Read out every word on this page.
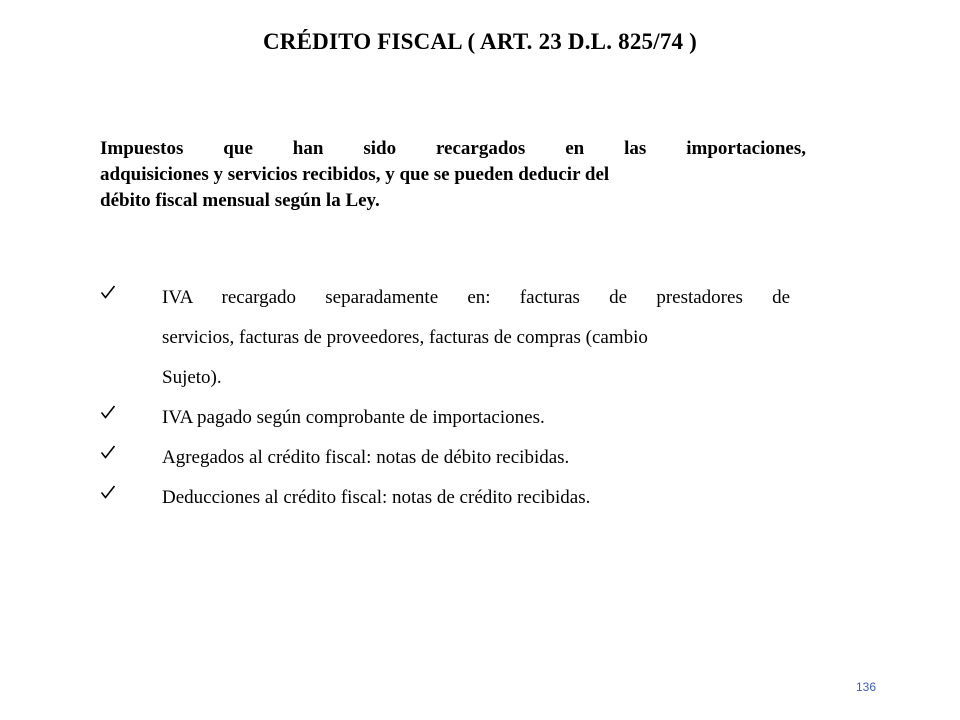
CRÉDITO FISCAL ( ART. 23 D.L. 825/74 )

Impuestos que han sido recargados en las importaciones,
adquisiciones y servicios recibidos, y que se pueden deducir del
débito fiscal mensual según la Ley.

IVA recargado separadamente en: facturas de prestadores de
servicios, facturas de proveedores, facturas de compras (cambio
Sujeto).
IVA pagado según comprobante de importaciones.
Agregados al crédito fiscal: notas de débito recibidas.
Deducciones al crédito fiscal: notas de crédito recibidas.
136
